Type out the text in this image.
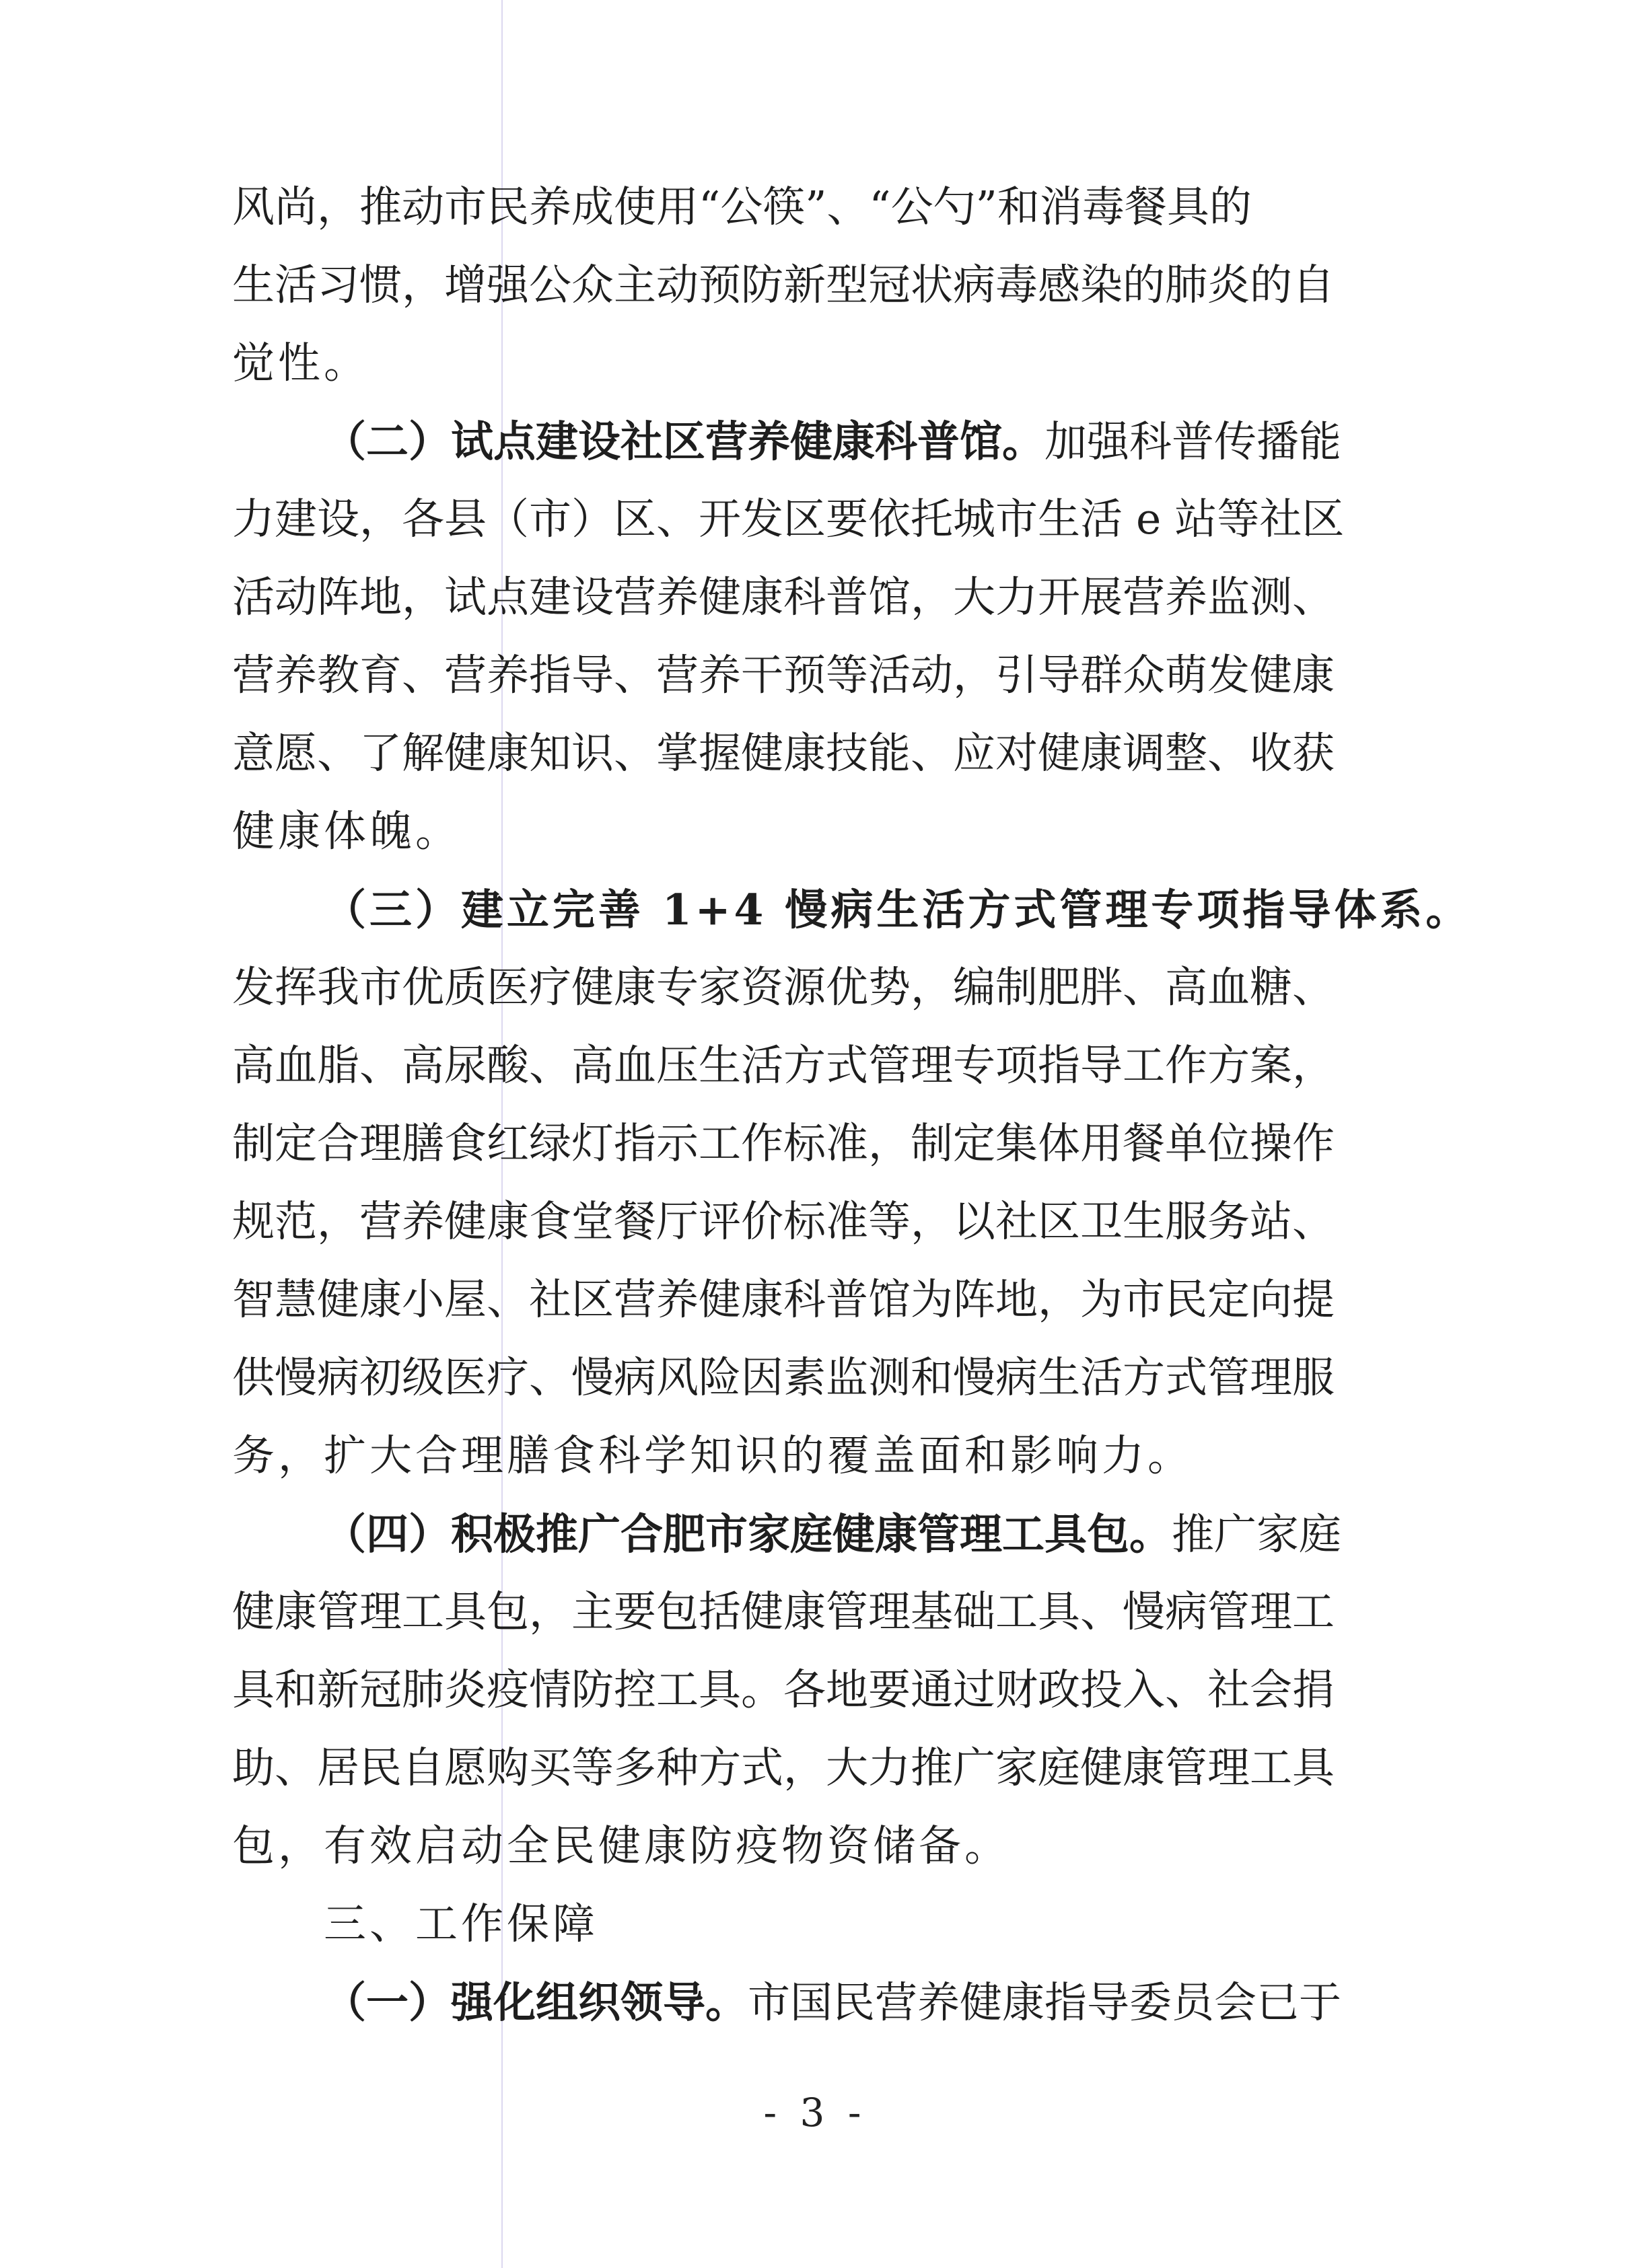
风尚，推动市民养成使用“公筷”、“公勺”和消毒餐具的
生活习惯，增强公众主动预防新型冠状病毒感染的肺炎的自
觉性。
（二）试点建设社区营养健康科普馆。加强科普传播能
力建设，各县（市）区、开发区要依托城市生活 e 站等社区
活动阵地，试点建设营养健康科普馆，大力开展营养监测、
营养教育、营养指导、营养干预等活动，引导群众萌发健康
意愿、了解健康知识、掌握健康技能、应对健康调整、收获
健康体魄。
（三）建立完善 1+4 慢病生活方式管理专项指导体系。
发挥我市优质医疗健康专家资源优势，编制肥胖、高血糖、
高血脂、高尿酸、高血压生活方式管理专项指导工作方案，
制定合理膳食红绿灯指示工作标准，制定集体用餐单位操作
规范，营养健康食堂餐厅评价标准等，以社区卫生服务站、
智慧健康小屋、社区营养健康科普馆为阵地，为市民定向提
供慢病初级医疗、慢病风险因素监测和慢病生活方式管理服
务，扩大合理膳食科学知识的覆盖面和影响力。
（四）积极推广合肥市家庭健康管理工具包。推广家庭
健康管理工具包，主要包括健康管理基础工具、慢病管理工
具和新冠肺炎疫情防控工具。各地要通过财政投入、社会捐
助、居民自愿购买等多种方式，大力推广家庭健康管理工具
包，有效启动全民健康防疫物资储备。
三、工作保障
（一）强化组织领导。市国民营养健康指导委员会已于
- 3 -
